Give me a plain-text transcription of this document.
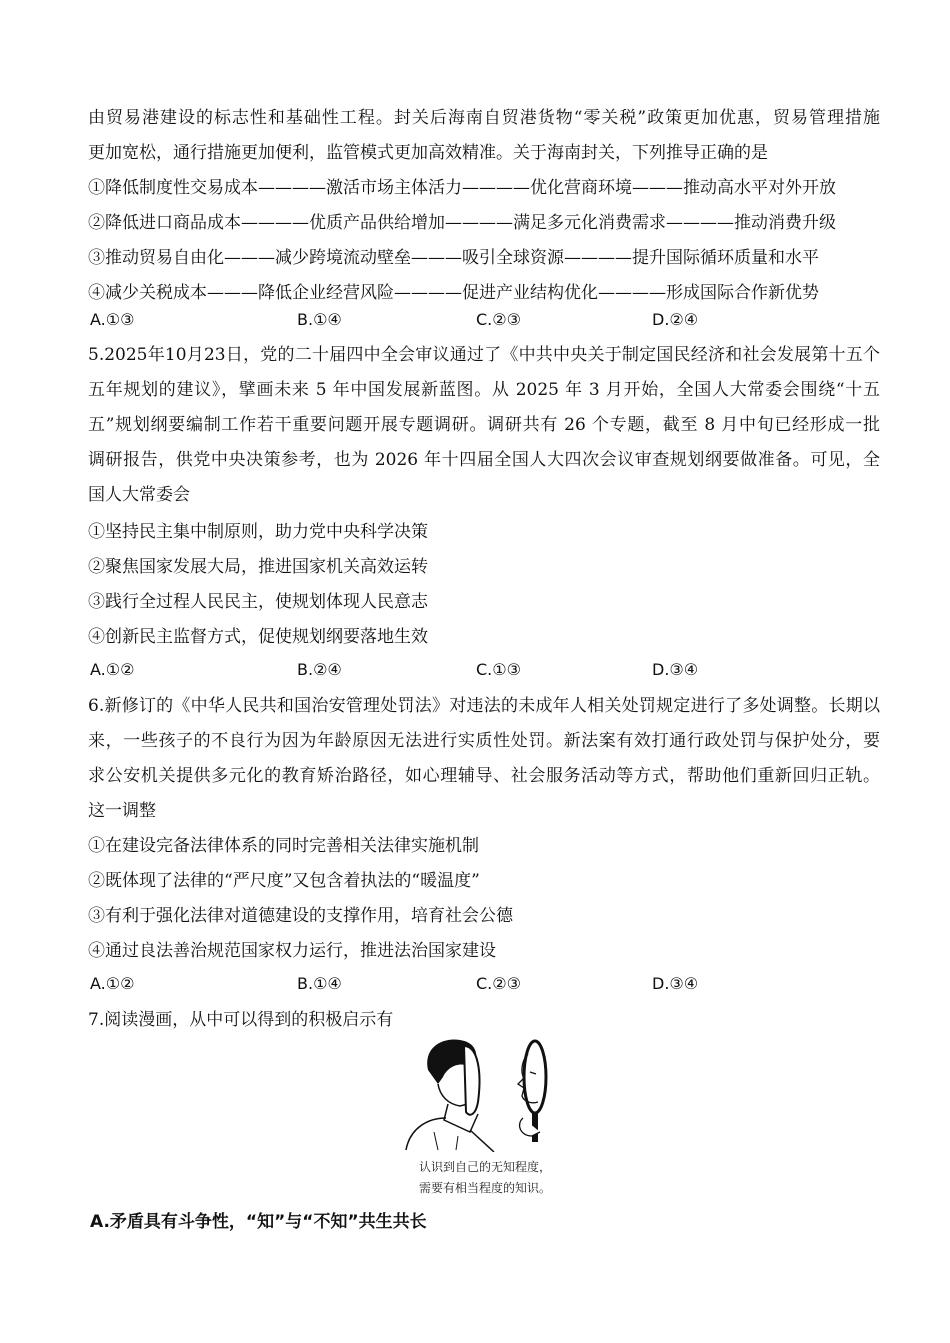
由贸易港建设的标志性和基础性工程。封关后海南自贸港货物“零关税”政策更加优惠，贸易管理措施
更加宽松，通行措施更加便利，监管模式更加高效精准。关于海南封关，下列推导正确的是
①降低制度性交易成本————激活市场主体活力————优化营商环境———推动高水平对外开放
②降低进口商品成本————优质产品供给增加————满足多元化消费需求————推动消费升级
③推动贸易自由化———减少跨境流动壁垒———吸引全球资源————提升国际循环质量和水平
④减少关税成本———降低企业经营风险————促进产业结构优化————形成国际合作新优势
A.①③	B.①④	C.②③	D.②④
5.2025年10月23日，党的二十届四中全会审议通过了《中共中央关于制定国民经济和社会发展第十五个
五年规划的建议》，擘画未来 5 年中国发展新蓝图。从 2025 年 3 月开始，全国人大常委会围绕“十五
五”规划纲要编制工作若干重要问题开展专题调研。调研共有 26 个专题，截至 8 月中旬已经形成一批
调研报告，供党中央决策参考，也为 2026 年十四届全国人大四次会议审查规划纲要做准备。可见，全
国人大常委会
①坚持民主集中制原则，助力党中央科学决策
②聚焦国家发展大局，推进国家机关高效运转
③践行全过程人民民主，使规划体现人民意志
④创新民主监督方式，促使规划纲要落地生效
A.①②	B.②④	C.①③	D.③④
6.新修订的《中华人民共和国治安管理处罚法》对违法的未成年人相关处罚规定进行了多处调整。长期以
来，一些孩子的不良行为因为年龄原因无法进行实质性处罚。新法案有效打通行政处罚与保护处分，要
求公安机关提供多元化的教育矫治路径，如心理辅导、社会服务活动等方式，帮助他们重新回归正轨。
这一调整
①在建设完备法律体系的同时完善相关法律实施机制
②既体现了法律的“严尺度”又包含着执法的“暖温度”
③有利于强化法律对道德建设的支撑作用，培育社会公德
④通过良法善治规范国家权力运行，推进法治国家建设
A.①②	B.①④	C.②③	D.③④
7.阅读漫画，从中可以得到的积极启示有
认识到自己的无知程度，
需要有相当程度的知识。
A.矛盾具有斗争性，“知”与“不知”共生共长
